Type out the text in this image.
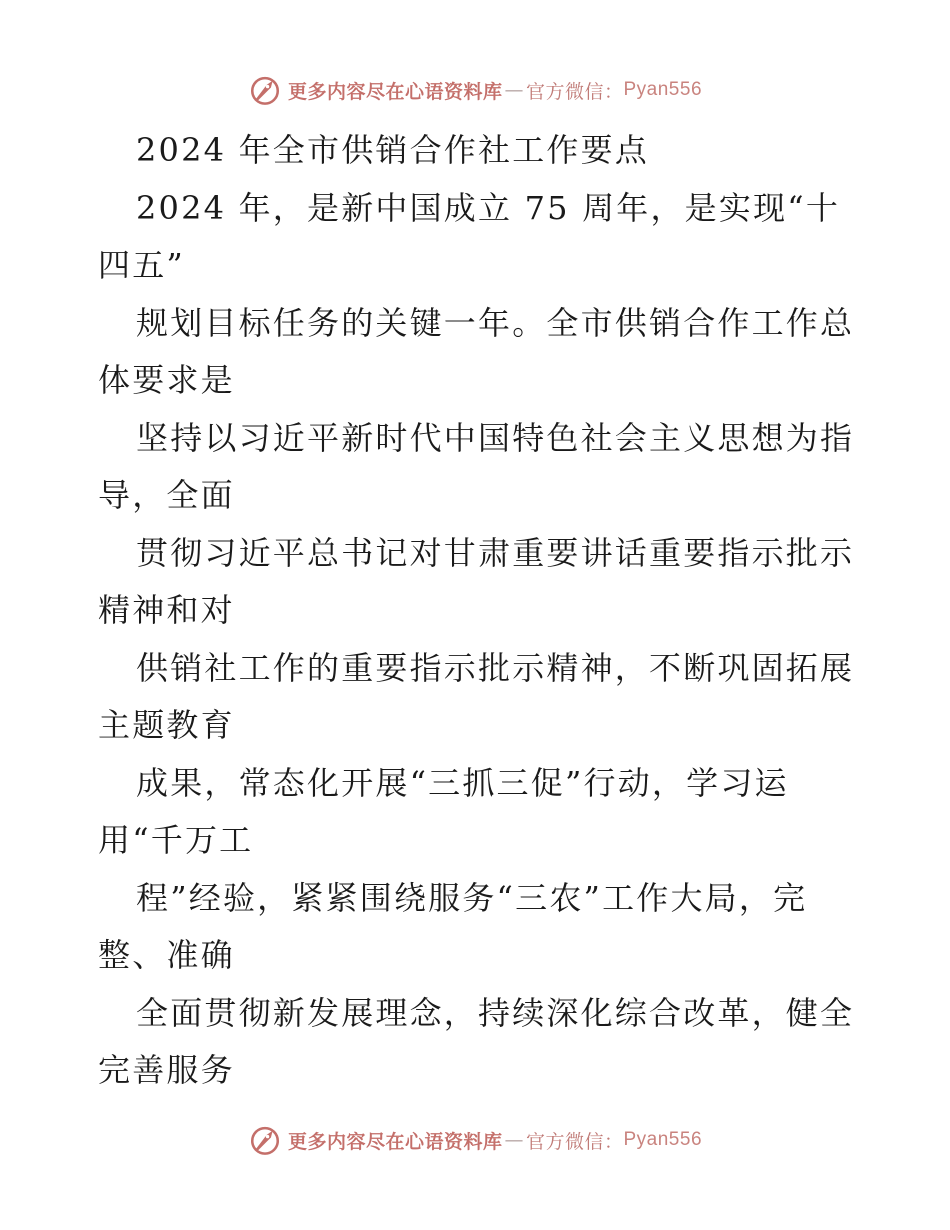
更多内容尽在心语资料库 — 官方微信： Pyan556
2024 年全市供销合作社工作要点
2024 年，是新中国成立 75 周年，是实现“十
四五”
规划目标任务的关键一年。全市供销合作工作总
体要求是
坚持以习近平新时代中国特色社会主义思想为指
导，全面
贯彻习近平总书记对甘肃重要讲话重要指示批示
精神和对
供销社工作的重要指示批示精神，不断巩固拓展
主题教育
成果，常态化开展“三抓三促”行动，学习运
用“千万工
程”经验，紧紧围绕服务“三农”工作大局，完
整、准确
全面贯彻新发展理念，持续深化综合改革，健全
完善服务
更多内容尽在心语资料库 — 官方微信： Pyan556
